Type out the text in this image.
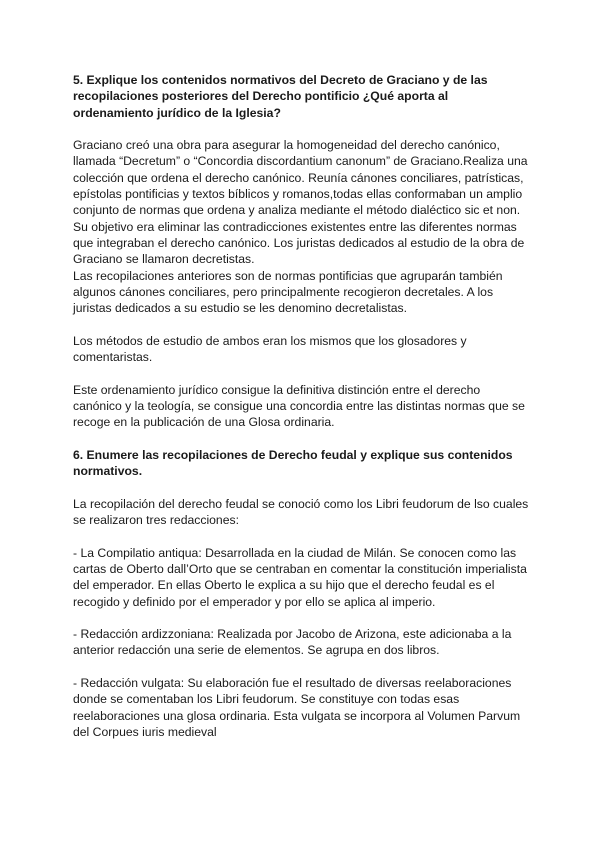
5. Explique los contenidos normativos del Decreto de Graciano y de las recopilaciones posteriores del Derecho pontificio ¿Qué aporta al ordenamiento jurídico de la Iglesia?

Graciano creó una obra para asegurar la homogeneidad del derecho canónico, llamada “Decretum” o “Concordia discordantium canonum” de Graciano.Realiza una colección que ordena el derecho canónico. Reunía cánones conciliares, patrísticas, epístolas pontificias y textos bíblicos y romanos,todas ellas conformaban un amplio conjunto de normas que ordena y analiza mediante el método dialéctico sic et non. Su objetivo era eliminar las contradicciones existentes entre las diferentes normas que integraban el derecho canónico. Los juristas dedicados al estudio de la obra de Graciano se llamaron decretistas.

Las recopilaciones anteriores son de normas pontificias que agruparán también algunos cánones conciliares, pero principalmente recogieron decretales. A los juristas dedicados a su estudio se les denomino decretalistas.

Los métodos de estudio de ambos eran los mismos que los glosadores y comentaristas.

Este ordenamiento jurídico consigue la definitiva distinción entre el derecho canónico y la teología, se consigue una concordia entre las distintas normas que se recoge en la publicación de una Glosa ordinaria.

6. Enumere las recopilaciones de Derecho feudal y explique sus contenidos normativos.

La recopilación del derecho feudal se conoció como los Libri feudorum de lso cuales se realizaron tres redacciones:

- La Compilatio antiqua: Desarrollada en la ciudad de Milán. Se conocen como las cartas de Oberto dall’Orto que se centraban en comentar la constitución imperialista del emperador. En ellas Oberto le explica a su hijo que el derecho feudal es el recogido y definido por el emperador y por ello se aplica al imperio.

- Redacción ardizzoniana: Realizada por Jacobo de Arizona, este adicionaba a la anterior redacción una serie de elementos. Se agrupa en dos libros.

- Redacción vulgata: Su elaboración fue el resultado de diversas reelaboraciones donde se comentaban los Libri feudorum. Se constituye con todas esas reelaboraciones una glosa ordinaria. Esta vulgata se incorpora al Volumen Parvum del Corpues iuris medieval
